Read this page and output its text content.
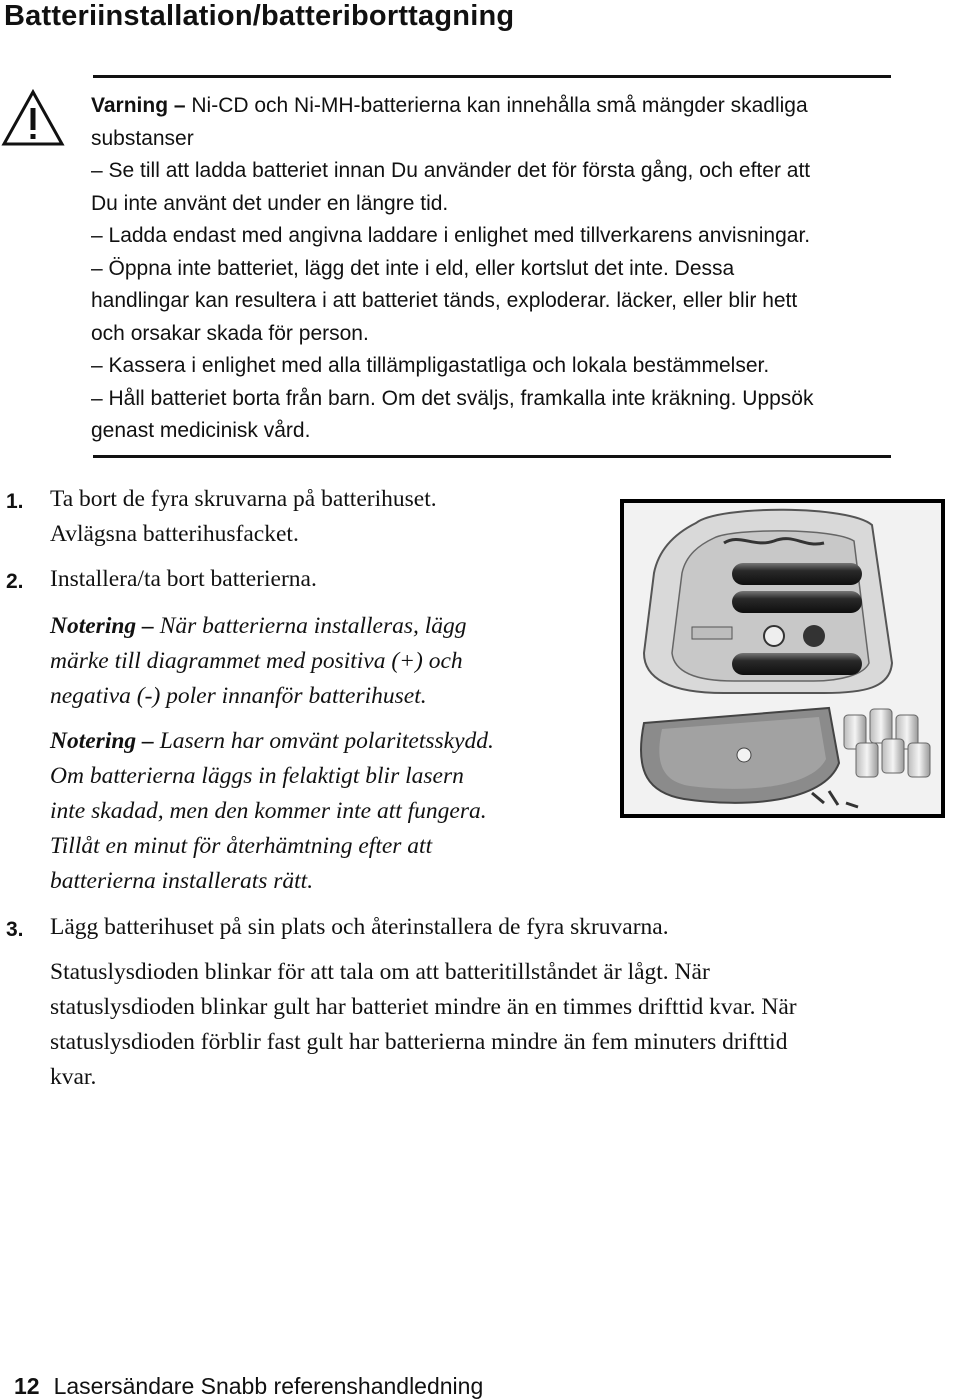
Batteriinstallation/batteriborttagning

Varning – Ni-CD och Ni-MH-batterierna kan innehålla små mängder skadliga

substanser

– Se till att ladda batteriet innan Du använder det för första gång, och efter att

Du inte använt det under en längre tid.

– Ladda endast med angivna laddare i enlighet med tillverkarens anvisningar.

– Öppna inte batteriet, lägg det inte i eld, eller kortslut det inte. Dessa

handlingar kan resultera i att batteriet tänds, exploderar. läcker, eller blir hett

och orsakar skada för person.

– Kassera i enlighet med alla tillämpligastatliga och lokala bestämmelser.

– Håll batteriet borta från barn. Om det sväljs, framkalla inte kräkning. Uppsök

genast medicinisk vård.

1. Ta bort de fyra skruvarna på batterihuset.
Avlägsna batterihusfacket.
2. Installera/ta bort batterierna.
Notering – När batterierna installeras, lägg
märke till diagrammet med positiva (+) och
negativa (-) poler innanför batterihuset.
Notering – Lasern har omvänt polaritetsskydd.
Om batterierna läggs in felaktigt blir lasern
inte skadad, men den kommer inte att fungera.
Tillåt en minut för återhämtning efter att
batterierna installerats rätt.
3. Lägg batterihuset på sin plats och återinstallera de fyra skruvarna.
Statuslysdioden blinkar för att tala om att batteritillståndet är lågt. När
statuslysdioden blinkar gult har batteriet mindre än en timmes drifttid kvar. När
statuslysdioden förblir fast gult har batterierna mindre än fem minuters drifttid
kvar.
12 Lasersändare Snabb referenshandledning
